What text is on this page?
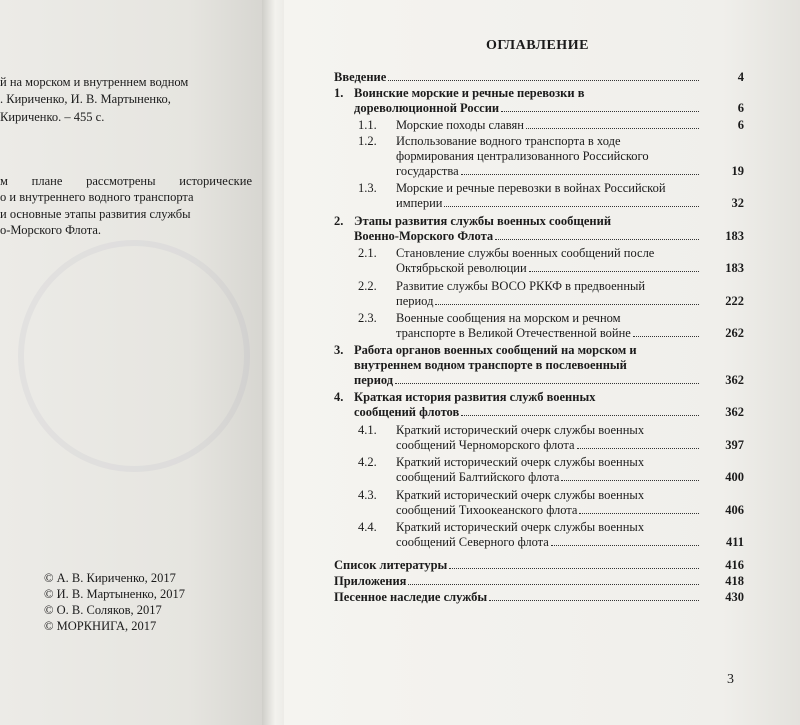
й на морском и внутреннем водном
. Кириченко, И. В. Мартыненко,
Кириченко. – 455 с.
м плане рассмотрены исторические
о и внутреннего водного транспорта
и основные этапы развития службы
о-Морского Флота.
© А. В. Кириченко, 2017
© И. В. Мартыненко, 2017
© О. В. Соляков, 2017
© МОРКНИГА, 2017
ОГЛАВЛЕНИЕ
Введение	4
1. Воинские морские и речные перевозки в
дореволюционной России	6
1.1. Морские походы славян	6
1.2. Использование водного транспорта в ходе
формирования централизованного Российского
государства	19
1.3. Морские и речные перевозки в войнах Российской
империи	32
2. Этапы развития службы военных сообщений
Военно-Морского Флота	183
2.1. Становление службы военных сообщений после
Октябрьской революции	183
2.2. Развитие службы ВОСО РККФ в предвоенный
период	222
2.3. Военные сообщения на морском и речном
транспорте в Великой Отечественной войне	262
3. Работа органов военных сообщений на морском и
внутреннем водном транспорте в послевоенный
период	362
4. Краткая история развития служб военных
сообщений флотов	362
4.1. Краткий исторический очерк службы военных
сообщений Черноморского флота	397
4.2. Краткий исторический очерк службы военных
сообщений Балтийского флота	400
4.3. Краткий исторический очерк службы военных
сообщений Тихоокеанского флота	406
4.4. Краткий исторический очерк службы военных
сообщений Северного флота	411
Список литературы	416
Приложения	418
Песенное наследие службы	430
3
